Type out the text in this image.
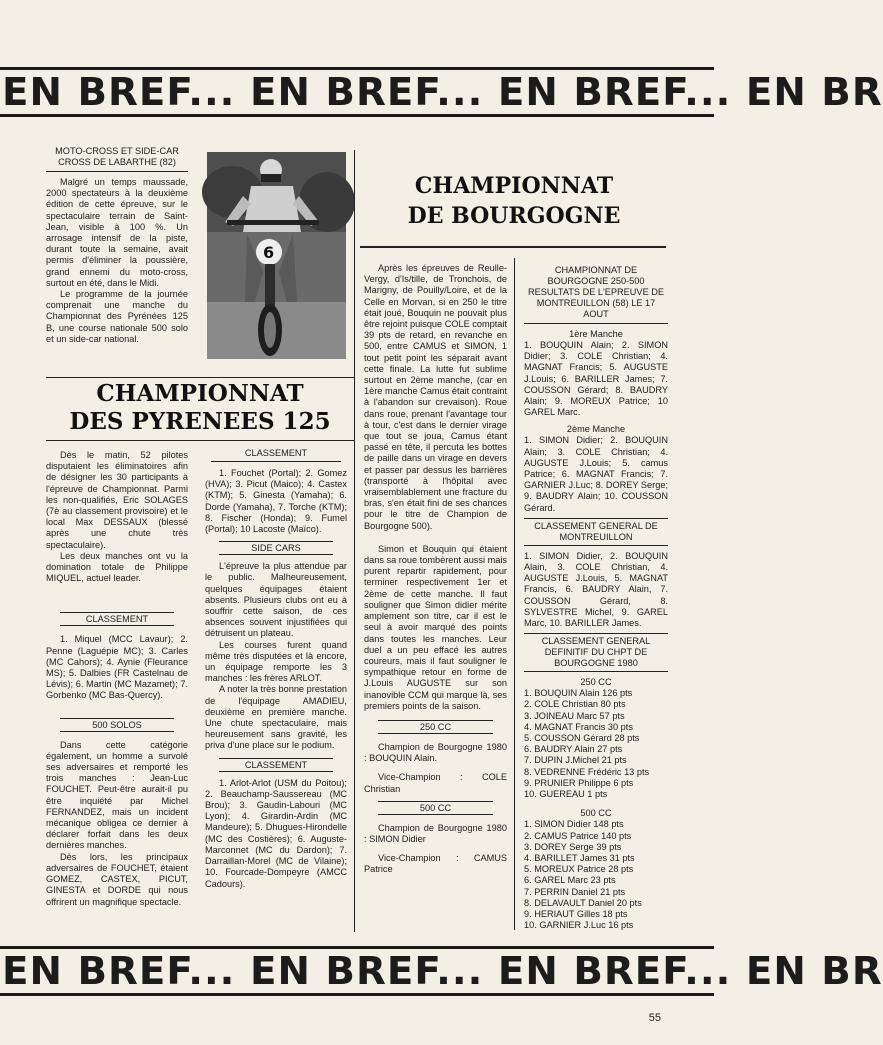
EN BREF... EN BREF... EN BREF... EN BR
MOTO-CROSS ET SIDE-CAR
CROSS DE LABARTHE (82)

Malgré un temps maussade, 2000 spectateurs à la deuxième édition de cette épreuve, sur le spectaculaire terrain de Saint-Jean, visible à 100 %. Un arrosage intensif de la piste, durant toute la semaine, avait permis d'éliminer la poussière, grand ennemi du moto-cross, surtout en été, dans le Midi.

Le programme de la journée comprenait une manche du Championnat des Pyrénées 125 B, une course nationale 500 solo et un side-car national.

6
CHAMPIONNAT
DES PYRENEES 125

Dès le matin, 52 pilotes disputaient les éliminatoires afin de désigner les 30 participants à l'épreuve de Championnat. Parmi les non-qualifiés, Eric SOLAGES (7è au classement provisoire) et le local Max DESSAUX (blessé après une chute très spectaculaire).

Les deux manches ont vu la domination totale de Philippe MIQUEL, actuel leader.

CLASSEMENT

1. Miquel (MCC Lavaur); 2. Penne (Laguépie MC); 3. Carles (MC Cahors); 4. Aynie (Fleurance MS); 5. Dalbies (FR Castelnau de Lévis); 6. Martin (MC Mazamet); 7. Gorbenko (MC Bas-Quercy).

500 SOLOS

Dans cette catégorie également, un homme a survolé ses adversaires et remporté les trois manches : Jean-Luc FOUCHET. Peut-être aurait-il pu être inquiété par Michel FERNANDEZ, mais un incident mécanique obligea ce dernier à déclarer forfait dans les deux dernières manches.

Dès lors, les principaux adversaires de FOUCHET, étaient GOMEZ, CASTEX, PICUT, GINESTA et DORDE qui nous offrirent un magnifique spectacle.

CLASSEMENT

1. Fouchet (Portal); 2. Gomez (HVA); 3. Picut (Maico); 4. Castex (KTM); 5. Ginesta (Yamaha); 6. Dorde (Yamaha), 7. Torche (KTM); 8. Fischer (Honda); 9. Fumel (Portal); 10 Lacoste (Maïco).

SIDE CARS

L'épreuve la plus attendue par le public. Malheureusement, quelques équipages étaient absents. Plusieurs clubs ont eu à souffrir cette saison, de ces absences souvent injustifiées qui détruisent un plateau.

Les courses furent quand même très disputées et là encore, un équipage remporte les 3 manches : les frères ARLOT.

A noter la très bonne prestation de l'équipage AMADIEU, deuxième en première manche. Une chute spectaculaire, mais heureusement sans gravité, les priva d'une place sur le podium.

CLASSEMENT

1. Arlot-Arlot (USM du Poitou); 2. Beauchamp-Saussereau (MC Brou); 3. Gaudin-Labouri (MC Lyon); 4. Girardin-Ardin (MC Mandeure); 5. Dhugues-Hirondelle (MC des Costières); 6. Auguste-Marconnet (MC du Dardon); 7. Darraillan-Morel (MC de Vilaine); 10. Fourcade-Dompeyre (AMCC Cadours).

CHAMPIONNAT
DE BOURGOGNE

Après les épreuves de Reulle-Vergy, d'Is/tille, de Tronchois, de Marigny, de Pouilly/Loire, et de la Celle en Morvan, si en 250 le titre était joué, Bouquin ne pouvait plus être rejoint puisque COLE comptait 39 pts de retard, en revanche en 500, entre CAMUS et SIMON, 1 tout petit point les séparait avant cette finale. La lutte fut sublime surtout en 2ème manche, (car en 1ère manche Camus était contraint à l'abandon sur crevaison). Roue dans roue, prenant l'avantage tour à tour, c'est dans le dernier virage que tout se joua, Camus étant passé en tête, il percuta les bottes de paille dans un virage en devers et passer par dessus les barrières (transporté à l'hôpital avec vraisemblablement une fracture du bras, s'en était fini de ses chances pour le titre de Champion de Bourgogne 500).

Simon et Bouquin qui étaient dans sa roue tombèrent aussi mais purent repartir rapidement, pour terminer respectivement 1er et 2ème de cette manche. Il faut souligner que Simon didier mérite amplement son titre, car il est le seul à avoir marqué des points dans toutes les manches. Leur duel a un peu effacé les autres coureurs, mais il faut souligner le sympathique retour en forme de J.Louis AUGUSTE sur son inanovible CCM qui marque là, ses premiers points de la saison.

250 CC

Champion de Bourgogne 1980 : BOUQUIN Alain.

Vice-Champion : COLE Christian

500 CC

Champion de Bourgogne 1980 : SIMON Didier

Vice-Champion : CAMUS Patrice

CHAMPIONNAT DE BOURGOGNE 250-500 RESULTATS DE L'EPREUVE DE MONTREUILLON (58) LE 17 AOUT
1ère Manche

1. BOUQUIN Alain; 2. SIMON Didier; 3. COLE Christian; 4. MAGNAT Francis; 5. AUGUSTE J.Louis; 6. BARILLER James; 7. COUSSON Gérard; 8. BAUDRY Alain; 9. MOREUX Patrice; 10 GAREL Marc.

2ème Manche

1. SIMON Didier; 2. BOUQUIN Alain; 3. COLE Christian; 4. AUGUSTE J.Louis; 5. camus Patrice; 6. MAGNAT Francis; 7. GARNIER J.Luc; 8. DOREY Serge; 9. BAUDRY Alain; 10. COUSSON Gérard.

CLASSEMENT GENERAL DE MONTREUILLON

1. SIMON Didier, 2. BOUQUIN Alain, 3. COLE Christian, 4. AUGUSTE J.Louis, 5. MAGNAT Francis, 6. BAUDRY Alain, 7. COUSSON Gérard, 8. SYLVESTRE Michel, 9. GAREL Marc, 10. BARILLER James.

CLASSEMENT GENERAL DEFINITIF DU CHPT DE BOURGOGNE 1980
250 CC
1. BOUQUIN Alain 126 pts
2. COLE Christian 80 pts
3. JOINEAU Marc 57 pts
4. MAGNAT Francis 30 pts
5. COUSSON Gérard 28 pts
6. BAUDRY Alain 27 pts
7. DUPIN J.Michel 21 pts
8. VEDRENNE Frédéric 13 pts
9. PRUNIER Philippe 6 pts
10. GUEREAU 1 pts
500 CC
1. SIMON Didier 148 pts
2. CAMUS Patrice 140 pts
3. DOREY Serge 39 pts
4. BARILLET James 31 pts
5. MOREUX Patrice 28 pts
6. GAREL Marc 23 pts
7. PERRIN Daniel 21 pts
8. DELAVAULT Daniel 20 pts
9. HERIAUT Gilles 18 pts
10. GARNIER J.Luc 16 pts
EN BREF... EN BREF... EN BREF... EN BR
55
